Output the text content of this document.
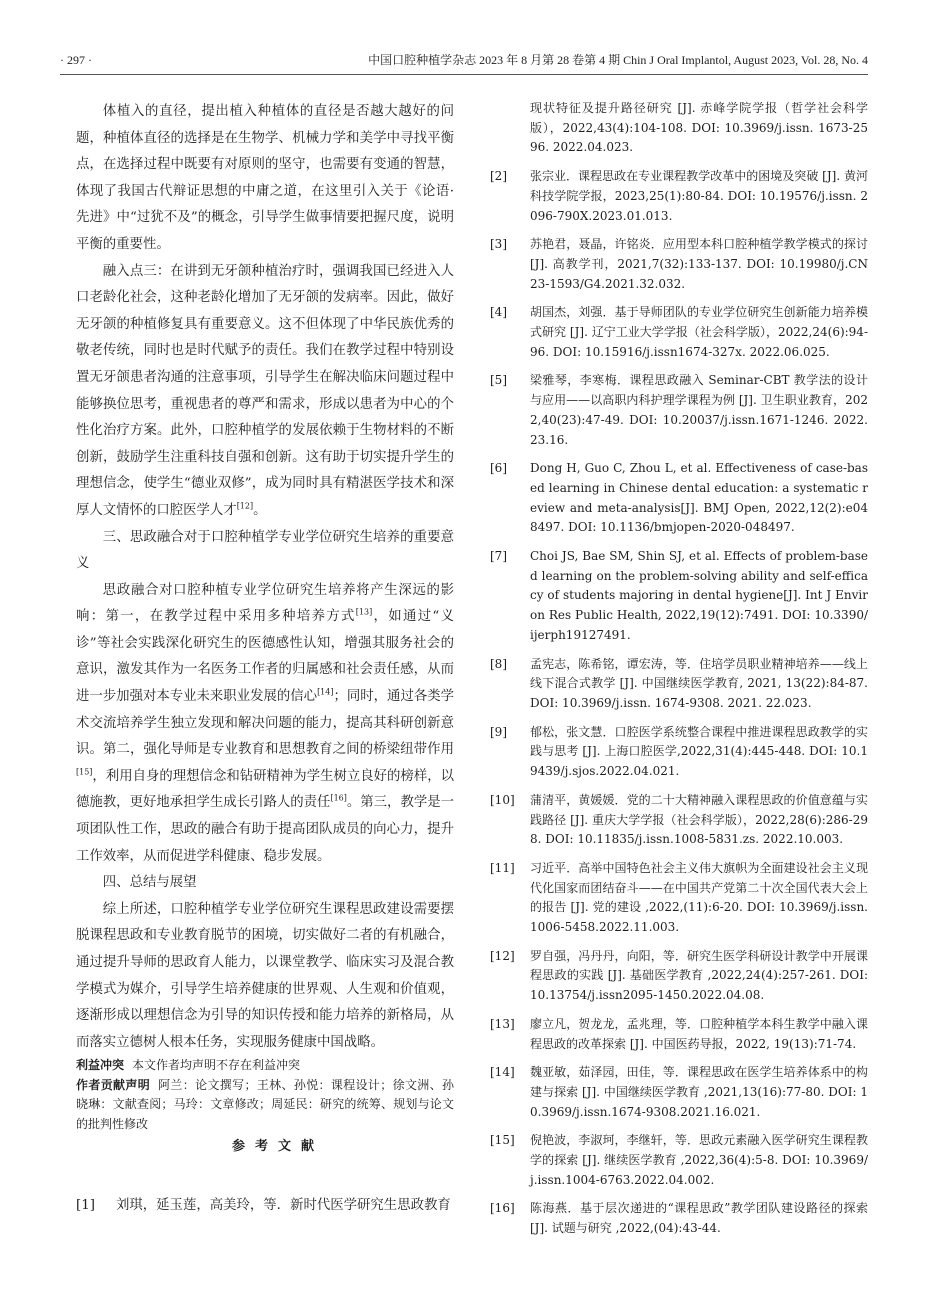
· 297 ·	中国口腔种植学杂志 2023 年 8 月第 28 卷第 4 期 Chin J Oral Implantol, August 2023, Vol. 28, No. 4

体植入的直径，提出植入种植体的直径是否越大越好的问题，种植体直径的选择是在生物学、机械力学和美学中寻找平衡点，在选择过程中既要有对原则的坚守，也需要有变通的智慧，体现了我国古代辩证思想的中庸之道，在这里引入关于《论语·先进》中“过犹不及”的概念，引导学生做事情要把握尺度，说明平衡的重要性。

融入点三：在讲到无牙颌种植治疗时，强调我国已经进入人口老龄化社会，这种老龄化增加了无牙颌的发病率。因此，做好无牙颌的种植修复具有重要意义。这不但体现了中华民族优秀的敬老传统，同时也是时代赋予的责任。我们在教学过程中特别设置无牙颌患者沟通的注意事项，引导学生在解决临床问题过程中能够换位思考，重视患者的尊严和需求，形成以患者为中心的个性化治疗方案。此外，口腔种植学的发展依赖于生物材料的不断创新，鼓励学生注重科技自强和创新。这有助于切实提升学生的理想信念，使学生“德业双修”，成为同时具有精湛医学技术和深厚人文情怀的口腔医学人才[12]。

三、思政融合对于口腔种植学专业学位研究生培养的重要意义

思政融合对口腔种植专业学位研究生培养将产生深远的影响：第一，在教学过程中采用多种培养方式[13]，如通过“义诊”等社会实践深化研究生的医德感性认知，增强其服务社会的意识，激发其作为一名医务工作者的归属感和社会责任感，从而进一步加强对本专业未来职业发展的信心[14]；同时，通过各类学术交流培养学生独立发现和解决问题的能力，提高其科研创新意识。第二，强化导师是专业教育和思想教育之间的桥梁纽带作用[15]，利用自身的理想信念和钻研精神为学生树立良好的榜样，以德施教，更好地承担学生成长引路人的责任[16]。第三，教学是一项团队性工作，思政的融合有助于提高团队成员的向心力，提升工作效率，从而促进学科健康、稳步发展。

四、总结与展望

综上所述，口腔种植学专业学位研究生课程思政建设需要摆脱课程思政和专业教育脱节的困境，切实做好二者的有机融合，通过提升导师的思政育人能力，以课堂教学、临床实习及混合教学模式为媒介，引导学生培养健康的世界观、人生观和价值观，逐渐形成以理想信念为引导的知识传授和能力培养的新格局，从而落实立德树人根本任务，实现服务健康中国战略。

利益冲突 本文作者均声明不存在利益冲突

作者贡献声明 阿兰：论文撰写；王林、孙悦：课程设计；徐文洲、孙晓琳：文献查阅；马玲：文章修改；周延民：研究的统筹、规划与论文的批判性修改

参考文献

[1]	刘琪，延玉莲，高美玲，等．新时代医学研究生思政教育
现状特征及提升路径研究 [J]. 赤峰学院学报（哲学社会科学版），2022,43(4):104-108. DOI: 10.3969/j.issn. 1673-2596. 2022.04.023.
[2]	张宗业．课程思政在专业课程教学改革中的困境及突破 [J]. 黄河科技学院学报，2023,25(1):80-84. DOI: 10.19576/j.issn. 2096-790X.2023.01.013.
[3]	苏艳君，聂晶，许铭炎．应用型本科口腔种植学教学模式的探讨 [J]. 高教学刊，2021,7(32):133-137. DOI: 10.19980/j.CN23-1593/G4.2021.32.032.
[4]	胡国杰，刘强．基于导师团队的专业学位研究生创新能力培养模式研究 [J]. 辽宁工业大学学报（社会科学版），2022,24(6):94-96. DOI: 10.15916/j.issn1674-327x. 2022.06.025.
[5]	梁雅琴，李寒梅．课程思政融入 Seminar-CBT 教学法的设计与应用——以高职内科护理学课程为例 [J]. 卫生职业教育，2022,40(23):47-49. DOI: 10.20037/j.issn.1671-1246. 2022.23.16.
[6]	Dong H, Guo C, Zhou L, et al. Effectiveness of case-based learning in Chinese dental education: a systematic review and meta-analysis[J]. BMJ Open, 2022,12(2):e048497. DOI: 10.1136/bmjopen-2020-048497.
[7]	Choi JS, Bae SM, Shin SJ, et al. Effects of problem-based learning on the problem-solving ability and self-efficacy of students majoring in dental hygiene[J]. Int J Environ Res Public Health, 2022,19(12):7491. DOI: 10.3390/ijerph19127491.
[8]	孟宪志，陈希铭，谭宏涛，等．住培学员职业精神培养——线上线下混合式教学 [J]. 中国继续医学教育, 2021, 13(22):84-87. DOI: 10.3969/j.issn. 1674-9308. 2021. 22.023.
[9]	郁松，张文慧．口腔医学系统整合课程中推进课程思政教学的实践与思考 [J]. 上海口腔医学,2022,31(4):445-448. DOI: 10.19439/j.sjos.2022.04.021.
[10]	蒲清平，黄媛媛．党的二十大精神融入课程思政的价值意蕴与实践路径 [J]. 重庆大学学报（社会科学版），2022,28(6):286-298. DOI: 10.11835/j.issn.1008-5831.zs. 2022.10.003.
[11]	习近平．高举中国特色社会主义伟大旗帜为全面建设社会主义现代化国家而团结奋斗——在中国共产党第二十次全国代表大会上的报告 [J]. 党的建设 ,2022,(11):6-20. DOI: 10.3969/j.issn.1006-5458.2022.11.003.
[12]	罗自强，冯丹丹，向阳，等．研究生医学科研设计教学中开展课程思政的实践 [J]. 基础医学教育 ,2022,24(4):257-261. DOI: 10.13754/j.issn2095-1450.2022.04.08.
[13]	廖立凡，贺龙龙，孟兆理，等．口腔种植学本科生教学中融入课程思政的改革探索 [J]. 中国医药导报，2022, 19(13):71-74.
[14]	魏亚敏，茹泽园，田佳，等．课程思政在医学生培养体系中的构建与探索 [J]. 中国继续医学教育 ,2021,13(16):77-80. DOI: 10.3969/j.issn.1674-9308.2021.16.021.
[15]	倪艳波，李淑珂，李继轩，等．思政元素融入医学研究生课程教学的探索 [J]. 继续医学教育 ,2022,36(4):5-8. DOI: 10.3969/j.issn.1004-6763.2022.04.002.
[16]	陈海燕．基于层次递进的“课程思政”教学团队建设路径的探索 [J]. 试题与研究 ,2022,(04):43-44.
